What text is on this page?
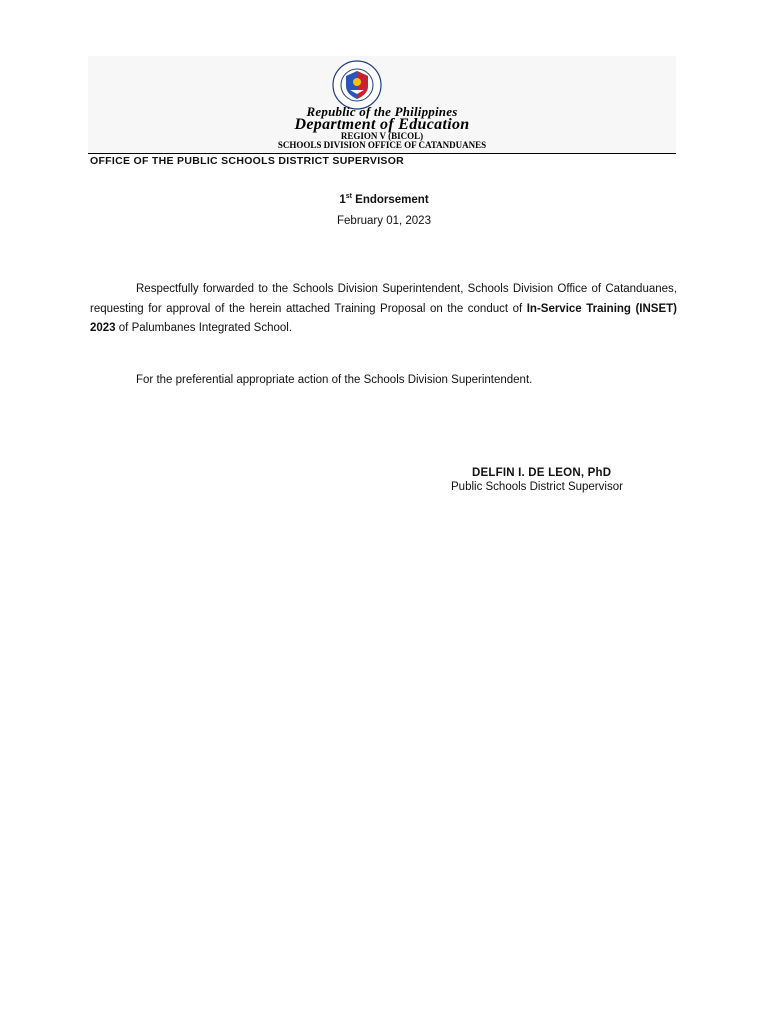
Republic of the Philippines
Department of Education
REGION V (BICOL)
SCHOOLS DIVISION OFFICE OF CATANDUANES
OFFICE OF THE PUBLIC SCHOOLS DISTRICT SUPERVISOR
1st Endorsement
February 01, 2023
Respectfully forwarded to the Schools Division Superintendent, Schools Division Office of Catanduanes, requesting for approval of the herein attached Training Proposal on the conduct of In-Service Training (INSET) 2023 of Palumbanes Integrated School.
For the preferential appropriate action of the Schools Division Superintendent.
DELFIN I. DE LEON, PhD
Public Schools District Supervisor
